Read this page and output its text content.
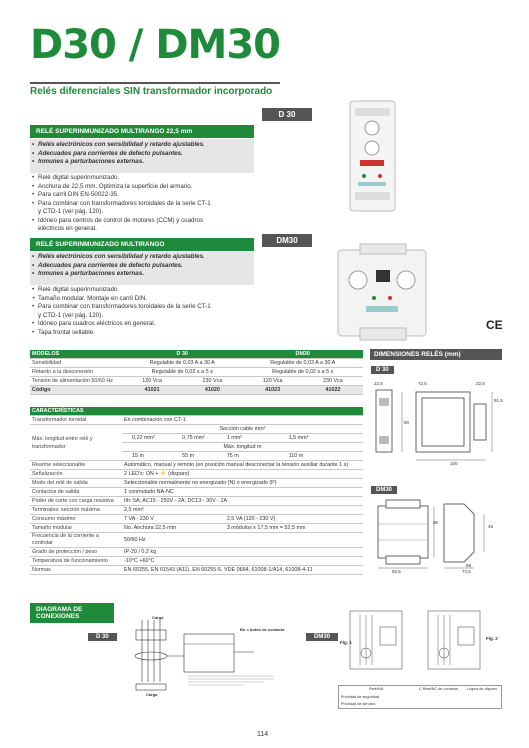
D30 / DM30
Relés diferenciales SIN transformador incorporado
RELÉ SUPERINMUNIZADO MULTIRANGO 22,5 mm
• Relés electrónicos con sensibilidad y retardo ajustables.
• Adecuados para corrientes de defecto pulsantes.
• Inmunes a perturbaciones externas.
• Relé digital superinmunizado.
• Anchura de 22,5 mm. Optimiza la superficie del armario.
• Para carril DIN EN-50022-35.
• Para combinar con transformadores toroidales de la serie CT-1
y CTD-1 (ver pág. 120).
• Idóneo para centros de control de motores (CCM) y cuadros
eléctricos en general.
D 30
RELÉ SUPERINMUNIZADO MULTIRANGO
• Relés electrónicos con sensibilidad y retardo ajustables.
• Adecuados para corrientes de defecto pulsantes.
• Inmunes a perturbaciones externas.
• Relé digital superinmunizado
+ Tamaño modular. Montaje en carril DIN.
• Para combinar con transformadores toroidales de la serie CT-1
y CTD-1 (ver pág. 120).
• Idóneo para cuadros eléctricos en general.
• Tapa frontal sellable.
DM30
CE
MODELOS	D 30		DM30	
Sensibilidad	Regulable de 0,03 A a 30 A		Regulable de 0,03 A a 30 A	
Retardo a la desconexión	Regulable de 0,02 s a 5 s		Regulable de 0,02 s a 5 s	
Tensión de alimentación 50/60 Hz	120 Vca	230 Vca	120 Vca	230 Vca
Código	41021	41020	41023	41022
DIMENSIONES RELÉS (mm)
D 30
22,5	72,5	22,5
90
91,5
100
DM30
52,5
58
72,5
85
45
CARACTERÍSTICAS				
Transformador toroidal	En combinación con CT-1			
Máx. longitud entre relé y
transformador	Sección cable mm²			
	0,22 mm²	0,75 mm²	1 mm²	1,5 mm²
	Máx. longitud m			
	15 m	55 m	75 m	110 m
Rearme seleccionable	Automático, manual y remoto (en posición manual desconectar la tensión auxiliar durante 1 s)			
Señalización	2 LED's: ON + ⚡ (disparo)			
Modo del relé de salida	Seleccionable normalmente no energizado (N) o energizado (P)			
Contactos de salida	1 conmutado NA-NC			
Poder de corte con carga resistiva	Ith: 5A; AC15 - 250V - 2A; DC13 - 30V - 2A			
Terminales: sección máxima	2,5 mm²			
Consumo máximo	7 VA - 230 V		2,5 VA (120 - 230 V)	
Tamaño modular	No. Anchura 22,5 mm		3 módulos x 17,5 mm = 52,5 mm	
Frecuencia de la corriente a
controlar	50/60 Hz			
Grado de protección / peso	IP-20 / 0,2 kg			
Temperatura de funcionamiento	-10°C +60°C			
Normas	EN 60255, EN 61543 (A11), EN 60255-5, VDE 0664, 61008-1/A14, 61008-4-11			
DIAGRAMA DE
CONEXIONES
D 30	DM30
Carga
Bo = botón de contacto
Carga
Fig. 1
Fig. 2
Relé/NA	C Relé/NC de contador Lógica de disparo
Prioridad de seguridad
Prioridad de servicio
114
